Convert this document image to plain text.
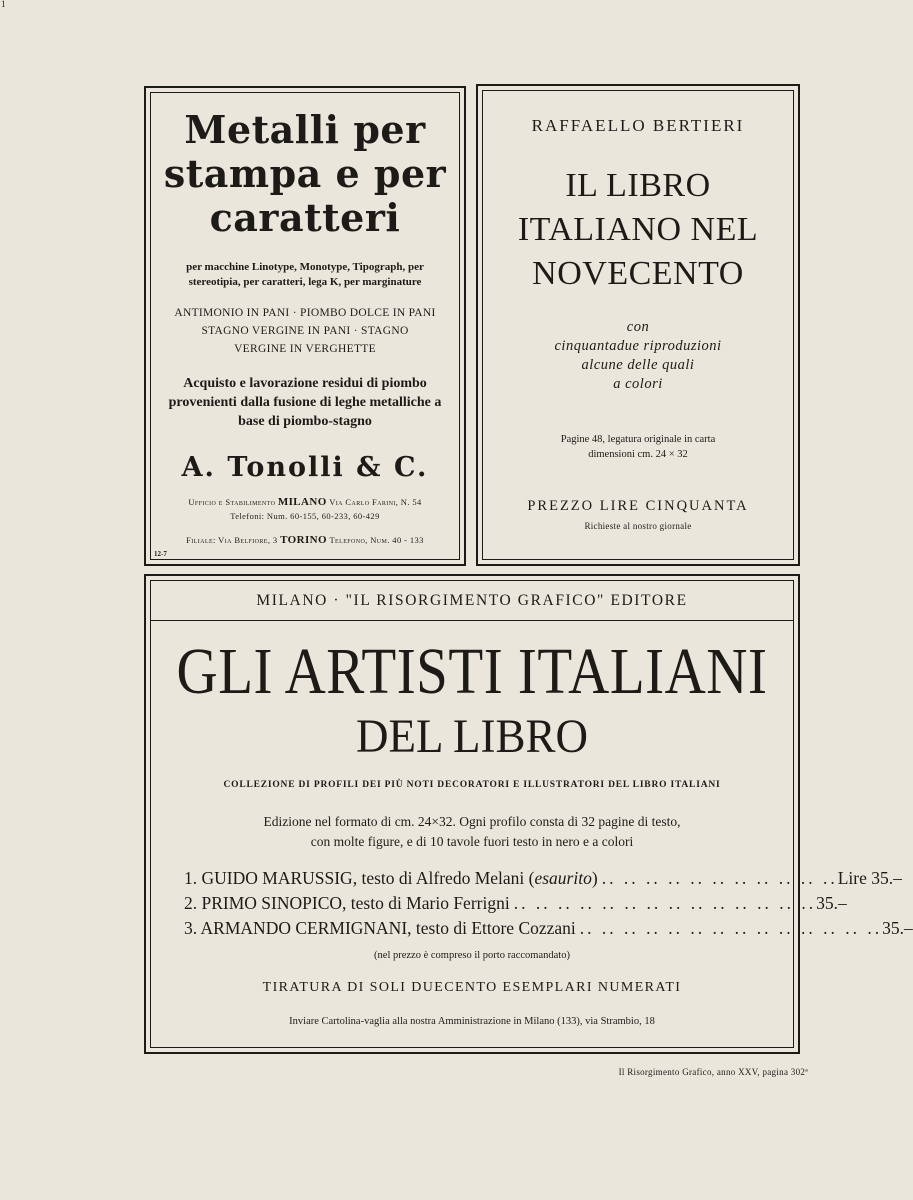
1
Metalli per
stampa e per
caratteri
per macchine Linotype, Monotype, Tipograph, per stereotipia, per caratteri, lega K, per marginature
ANTIMONIO IN PANI · PIOMBO DOLCE IN PANI
STAGNO VERGINE IN PANI · STAGNO
VERGINE IN VERGHETTE
Acquisto e lavorazione residui di piombo provenienti dalla fusione di leghe metalliche a base di piombo-stagno
A. Tonolli & C.
Ufficio e Stabilimento MILANO Via Carlo Farini, N. 54
Telefoni: Num. 60-155, 60-233, 60-429
Filiale: Via Belfiore, 3 TORINO Telefono, Num. 40 - 133
12-7
RAFFAELLO BERTIERI
IL LIBRO
ITALIANO NEL
NOVECENTO
con
cinquantadue riproduzioni
alcune delle quali
a colori
Pagine 48, legatura originale in carta
dimensioni cm. 24 × 32
PREZZO LIRE CINQUANTA
Richieste al nostro giornale
MILANO · "IL RISORGIMENTO GRAFICO" EDITORE
GLI ARTISTI ITALIANI
DEL LIBRO
COLLEZIONE DI PROFILI DEI PIÙ NOTI DECORATORI E ILLUSTRATORI DEL LIBRO ITALIANI
Edizione nel formato di cm. 24×32. Ogni profilo consta di 32 pagine di testo,
con molte figure, e di 10 tavole fuori testo in nero e a colori
1. GUIDO MARUSSIG, testo di Alfredo Melani (esaurito) .. .. .. .. .. .. .. .. .. .. .. Lire 35.–
2. PRIMO SINOPICO, testo di Mario Ferrigni .. .. .. .. .. .. .. .. .. .. .. .. .. .. 35.–
3. ARMANDO CERMIGNANI, testo di Ettore Cozzani .. .. .. .. .. .. .. .. .. .. .. .. .. .. 35.–
(nel prezzo è compreso il porto raccomandato)
TIRATURA DI SOLI DUECENTO ESEMPLARI NUMERATI
Inviare Cartolina-vaglia alla nostra Amministrazione in Milano (133), via Strambio, 18
Il Risorgimento Grafico, anno XXV, pagina 302ª
